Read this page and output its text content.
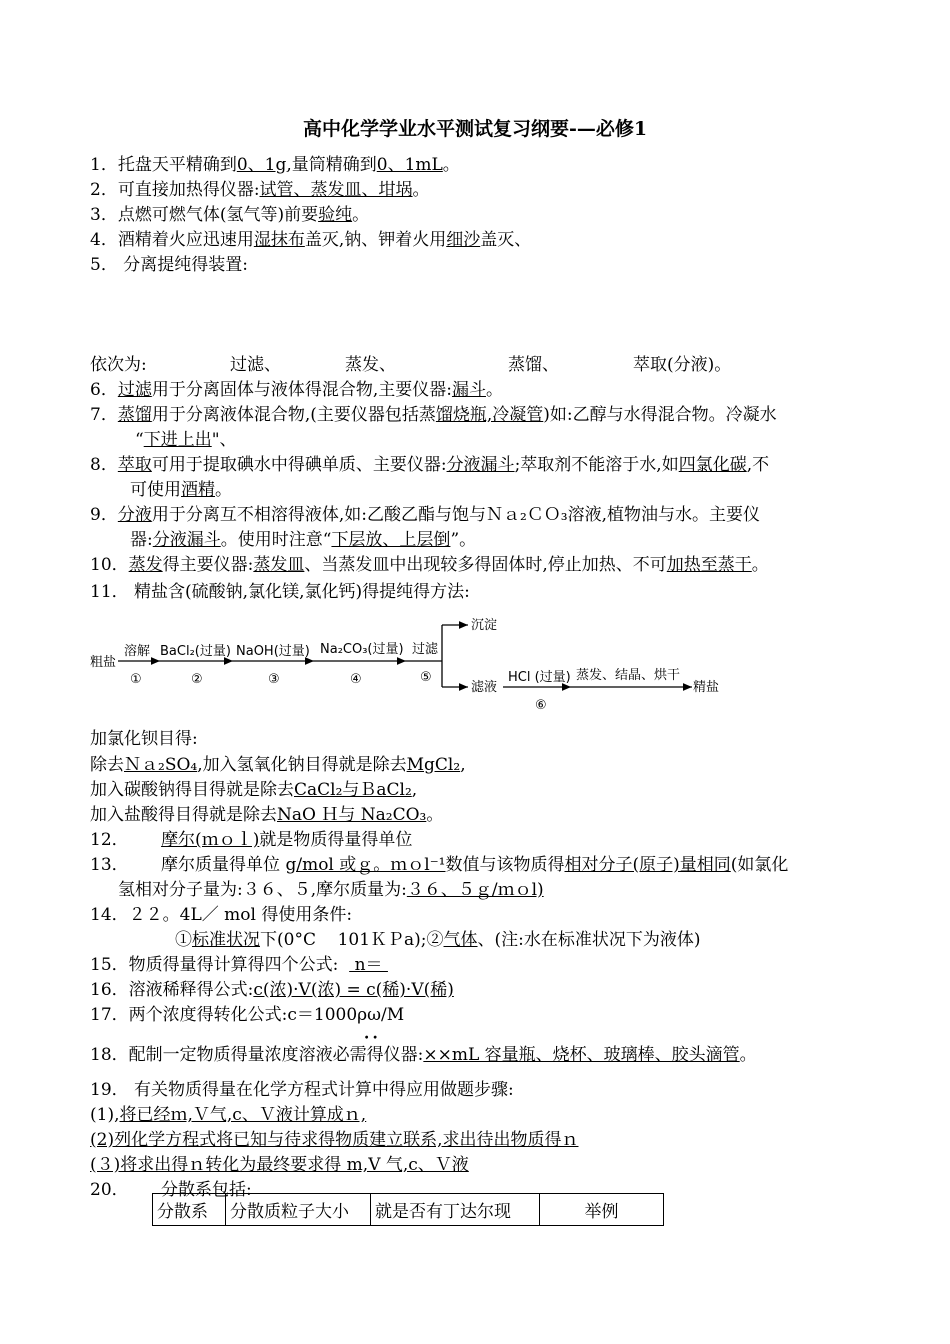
高中化学学业水平测试复习纲要-—必修1
1．托盘天平精确到0、1g,量筒精确到0、1mL。
2．可直接加热得仪器:试管、蒸发皿、坩埚。
3．点燃可燃气体(氢气等)前要验纯。
4．酒精着火应迅速用湿抹布盖灭,钠、钾着火用细沙盖灭、
5． 分离提纯得装置:
依次为:	过滤、	蒸发、	蒸馏、	萃取(分液)。
6．过滤用于分离固体与液体得混合物,主要仪器:漏斗。
7．蒸馏用于分离液体混合物,(主要仪器包括蒸馏烧瓶,冷凝管)如:乙醇与水得混合物。冷凝水
“下进上出"、
8．萃取可用于提取碘水中得碘单质、主要仪器:分液漏斗;萃取剂不能溶于水,如四氯化碳,不
可使用酒精。
9．分液用于分离互不相溶得液体,如:乙酸乙酯与饱与Ｎａ₂ＣＯ₃溶液,植物油与水。主要仪
器:分液漏斗。使用时注意“下层放、上层倒”。
10．蒸发得主要仪器:蒸发皿、当蒸发皿中出现较多得固体时,停止加热、不可加热至蒸干。
11． 精盐含(硫酸钠,氯化镁,氯化钙)得提纯得方法:
粗盐
溶解
①
BaCl₂(过量)
②
NaOH(过量)
③
Na₂CO₃(过量)
④
过滤
⑤
沉淀
滤液
HCl (过量)
⑥
蒸发、结晶、烘干
精盐
加氯化钡目得:
除去Ｎａ₂SO₄,加入氢氧化钠目得就是除去MgCl₂,
加入碳酸钠得目得就是除去CaCl₂与ＢaCl₂,
加入盐酸得目得就是除去NaO Ｈ与 Na₂CO₃。
12．      摩尔(ｍｏｌ)就是物质得量得单位
13．      摩尔质量得单位 g/mol 或ｇ。ｍｏl⁻¹数值与该物质得相对分子(原子)量相同(如氯化
氢相对分子量为:３６、５,摩尔质量为:３６、５ｇ/ｍｏl)
14．２２。4L／ mol 得使用条件:
①标准状况下(0°C    101ＫＰa);②气体、(注:水在标准状况下为液体)
15．物质得量得计算得四个公式:   n＝
16．溶液稀释得公式:c(浓)·V(浓) = c(稀)·V(稀)
17．两个浓度得转化公式:c＝1000ρω/M
．．
18．配制一定物质得量浓度溶液必需得仪器:××mL 容量瓶、烧杯、玻璃棒、胶头滴管。
19． 有关物质得量在化学方程式计算中得应用做题步骤:
(1),将已经ｍ,Ｖ气,c、Ｖ液计算成ｎ,
(2)列化学方程式将已知与待求得物质建立联系,求出待出物质得ｎ
(３)将求出得ｎ转化为最终要求得 m,V 气,c、Ｖ液
20．      分散系包括:
分散系	分散质粒子大小	就是否有丁达尔现	举例
